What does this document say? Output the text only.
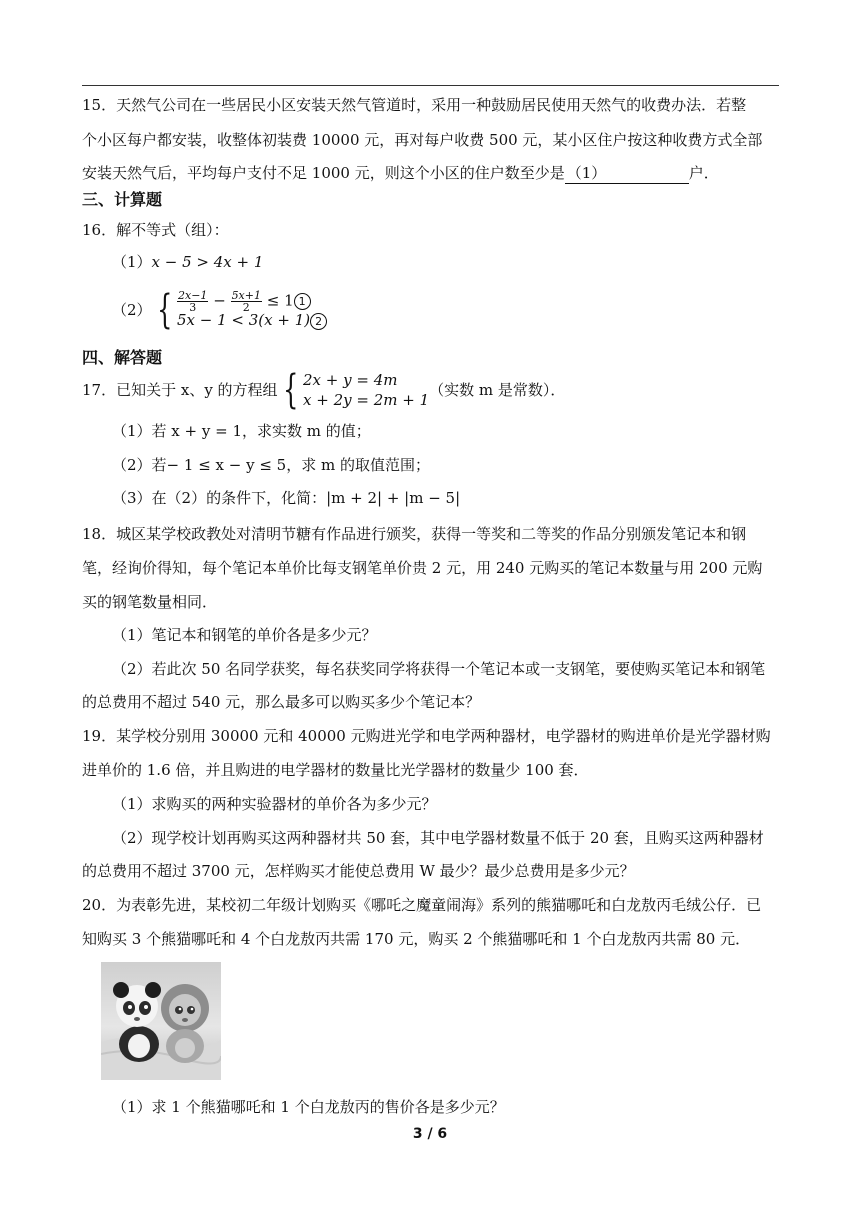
15．天然气公司在一些居民小区安装天然气管道时，采用一种鼓励居民使用天然气的收费办法．若整
个小区每户都安装，收整体初装费 10000 元，再对每户收费 500 元，某小区住户按这种收费方式全部
安装天然气后，平均每户支付不足 1000 元，则这个小区的住户数至少是 （1）	户．
三、计算题
16．解不等式（组）：
（1）x − 5 > 4x + 1
（2） { $\frac{2x-1}{3} - \frac{5x+1}{2} \le 1$ 1
5x − 1 < 3(x + 1) 2
四、解答题
17．已知关于 x、y 的方程组 { 2x + y = 4m
x + 2y = 2m + 1
（实数 m 是常数）．
（1）若 x + y = 1，求实数 m 的值；
（2）若− 1 ≤ x − y ≤ 5，求 m 的取值范围；
（3）在（2）的条件下，化简：|m + 2| + |m − 5|
18．城区某学校政教处对清明节糖有作品进行颁奖，获得一等奖和二等奖的作品分别颁发笔记本和钢
笔，经询价得知，每个笔记本单价比每支钢笔单价贵 2 元，用 240 元购买的笔记本数量与用 200 元购
买的钢笔数量相同．
（1）笔记本和钢笔的单价各是多少元？
（2）若此次 50 名同学获奖，每名获奖同学将获得一个笔记本或一支钢笔，要使购买笔记本和钢笔
的总费用不超过 540 元，那么最多可以购买多少个笔记本？
19．某学校分别用 30000 元和 40000 元购进光学和电学两种器材，电学器材的购进单价是光学器材购
进单价的 1.6 倍，并且购进的电学器材的数量比光学器材的数量少 100 套．
（1）求购买的两种实验器材的单价各为多少元？
（2）现学校计划再购买这两种器材共 50 套，其中电学器材数量不低于 20 套，且购买这两种器材
的总费用不超过 3700 元，怎样购买才能使总费用 W 最少？最少总费用是多少元？
20．为表彰先进，某校初二年级计划购买《哪吒之魔童闹海》系列的熊猫哪吒和白龙敖丙毛绒公仔．已
知购买 3 个熊猫哪吒和 4 个白龙敖丙共需 170 元，购买 2 个熊猫哪吒和 1 个白龙敖丙共需 80 元．
（1）求 1 个熊猫哪吒和 1 个白龙敖丙的售价各是多少元？
3 / 6
